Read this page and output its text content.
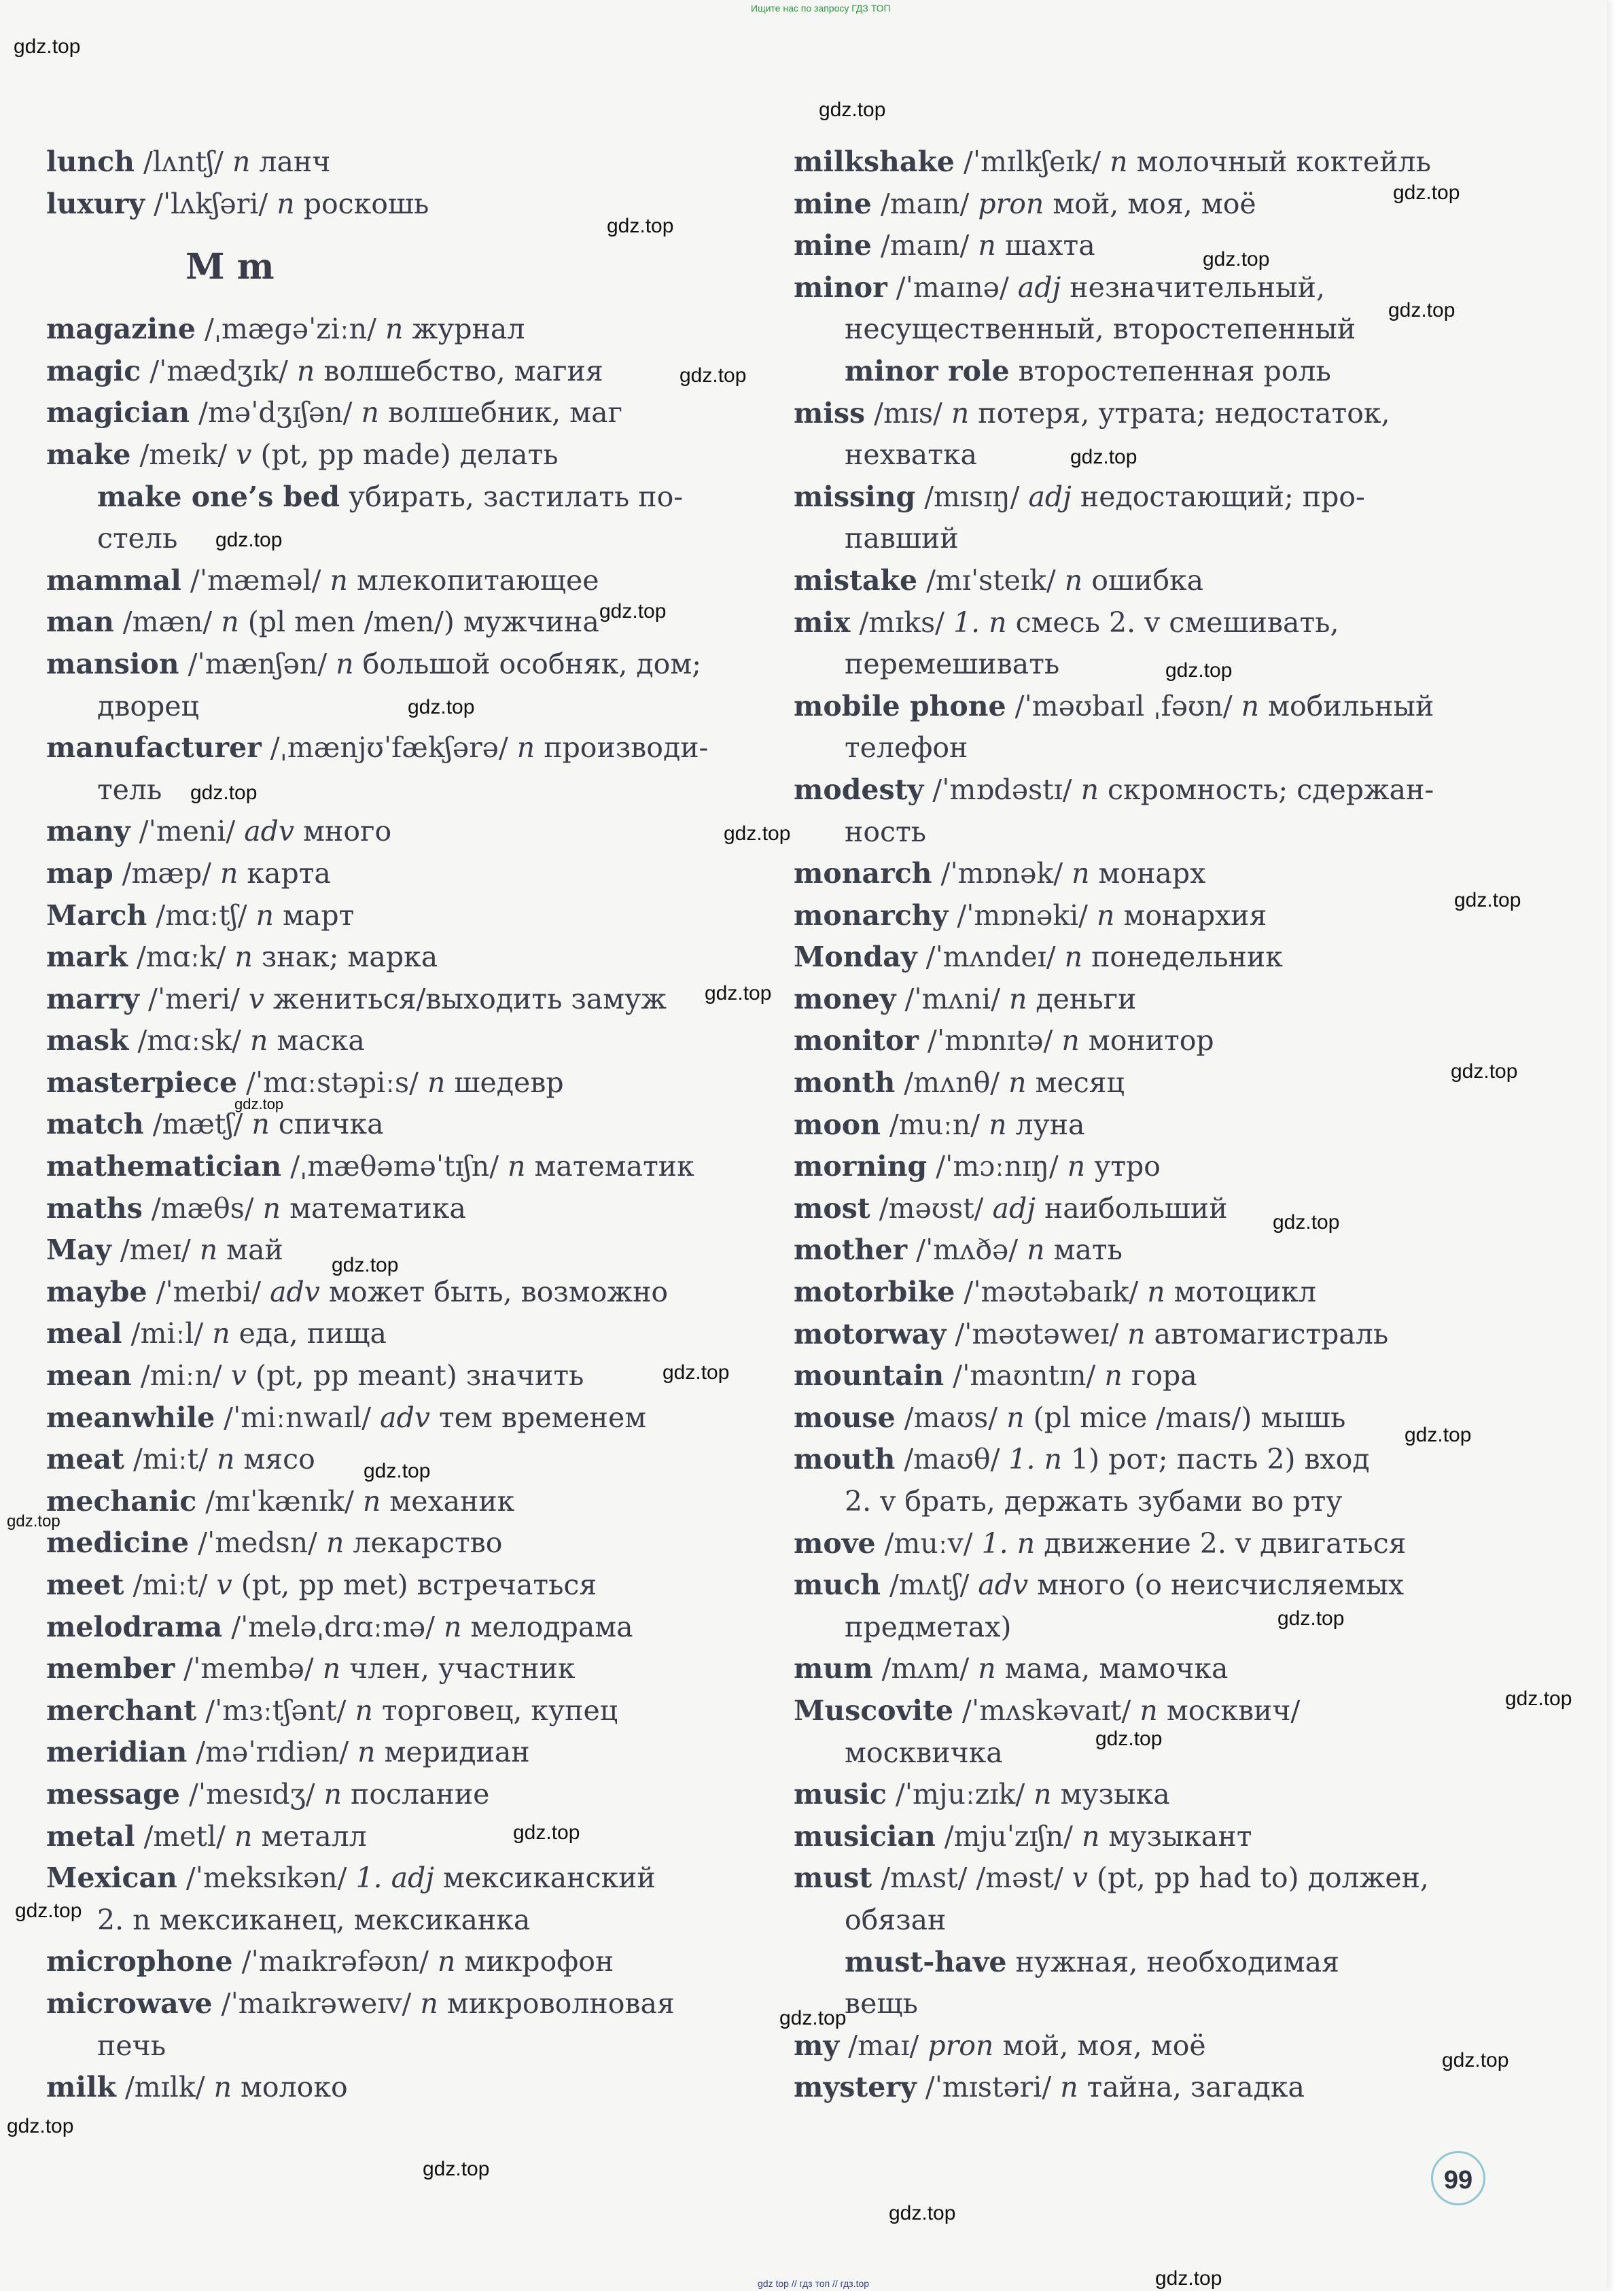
lunch /lʌntʃ/ n ланч
luxury /ˈlʌkʃəri/ n роскошь
M m
magazine /ˌmæɡəˈziːn/ n журнал
magic /ˈmædʒɪk/ n волшебство, магия
magician /məˈdʒɪʃən/ n волшебник, маг
make /meɪk/ v (pt, pp made) делать
make one’s bed убирать, застилать по-
стель
mammal /ˈmæməl/ n млекопитающее
man /mæn/ n (pl men /men/) мужчина
mansion /ˈmænʃən/ n большой особняк, дом;
дворец
manufacturer /ˌmænjʊˈfækʃərə/ n производи-
тель
many /ˈmeni/ adv много
map /mæp/ n карта
March /mɑːtʃ/ n март
mark /mɑːk/ n знак; марка
marry /ˈmeri/ v жениться/выходить замуж
mask /mɑːsk/ n маска
masterpiece /ˈmɑːstəpiːs/ n шедевр
match /mætʃ/ n спичка
mathematician /ˌmæθəməˈtɪʃn/ n математик
maths /mæθs/ n математика
May /meɪ/ n май
maybe /ˈmeɪbi/ adv может быть, возможно
meal /miːl/ n еда, пища
mean /miːn/ v (pt, pp meant) значить
meanwhile /ˈmiːnwaɪl/ adv тем временем
meat /miːt/ n мясо
mechanic /mɪˈkænɪk/ n механик
medicine /ˈmedsn/ n лекарство
meet /miːt/ v (pt, pp met) встречаться
melodrama /ˈmeləˌdrɑːmə/ n мелодрама
member /ˈmembə/ n член, участник
merchant /ˈmɜːtʃənt/ n торговец, купец
meridian /məˈrɪdiən/ n меридиан
message /ˈmesɪdʒ/ n послание
metal /metl/ n металл
Mexican /ˈmeksɪkən/ 1. adj мексиканский
2. n мексиканец, мексиканка
microphone /ˈmaɪkrəfəʊn/ n микрофон
microwave /ˈmaɪkrəweɪv/ n микроволновая
печь
milk /mɪlk/ n молоко
milkshake /ˈmɪlkʃeɪk/ n молочный коктейль
mine /maɪn/ pron мой, моя, моё
mine /maɪn/ n шахта
minor /ˈmaɪnə/ adj незначительный,
несущественный, второстепенный
minor role второстепенная роль
miss /mɪs/ n потеря, утрата; недостаток,
нехватка
missing /mɪsɪŋ/ adj недостающий; про-
павший
mistake /mɪˈsteɪk/ n ошибка
mix /mɪks/ 1. n смесь 2. v смешивать,
перемешивать
mobile phone /ˈməʊbaɪl ˌfəʊn/ n мобильный
телефон
modesty /ˈmɒdəstɪ/ n скромность; сдержан-
ность
monarch /ˈmɒnək/ n монарх
monarchy /ˈmɒnəki/ n монархия
Monday /ˈmʌndeɪ/ n понедельник
money /ˈmʌni/ n деньги
monitor /ˈmɒnɪtə/ n монитор
month /mʌnθ/ n месяц
moon /muːn/ n луна
morning /ˈmɔːnɪŋ/ n утро
most /məʊst/ adj наибольший
mother /ˈmʌðə/ n мать
motorbike /ˈməʊtəbaɪk/ n мотоцикл
motorway /ˈməʊtəweɪ/ n автомагистраль
mountain /ˈmaʊntɪn/ n гора
mouse /maʊs/ n (pl mice /maɪs/) мышь
mouth /maʊθ/ 1. n 1) рот; пасть 2) вход
2. v брать, держать зубами во рту
move /muːv/ 1. n движение 2. v двигаться
much /mʌtʃ/ adv много (о неисчисляемых
предметах)
mum /mʌm/ n мама, мамочка
Muscovite /ˈmʌskəvaɪt/ n москвич/
москвичка
music /ˈmjuːzɪk/ n музыка
musician /mjuˈzɪʃn/ n музыкант
must /mʌst/ /məst/ v (pt, pp had to) должен,
обязан
must-have нужная, необходимая
вещь
my /maɪ/ pron мой, моя, моё
mystery /ˈmɪstəri/ n тайна, загадка
99
Ищите нас по запросу ГДЗ ТОП
gdz top // гдз топ // гдз.top
gdz.top
gdz.top
gdz.top
gdz.top
gdz.top
gdz.top
gdz.top
gdz.top
gdz.top
gdz.top
gdz.top
gdz.top
gdz.top
gdz.top
gdz.top
gdz.top
gdz.top
gdz.top
gdz.top
gdz.top
gdz.top
gdz.top
gdz.top
gdz.top
gdz.top
gdz.top
gdz.top
gdz.top
gdz.top
gdz.top
gdz.top
gdz.top
gdz.top
gdz.top
gdz.top
